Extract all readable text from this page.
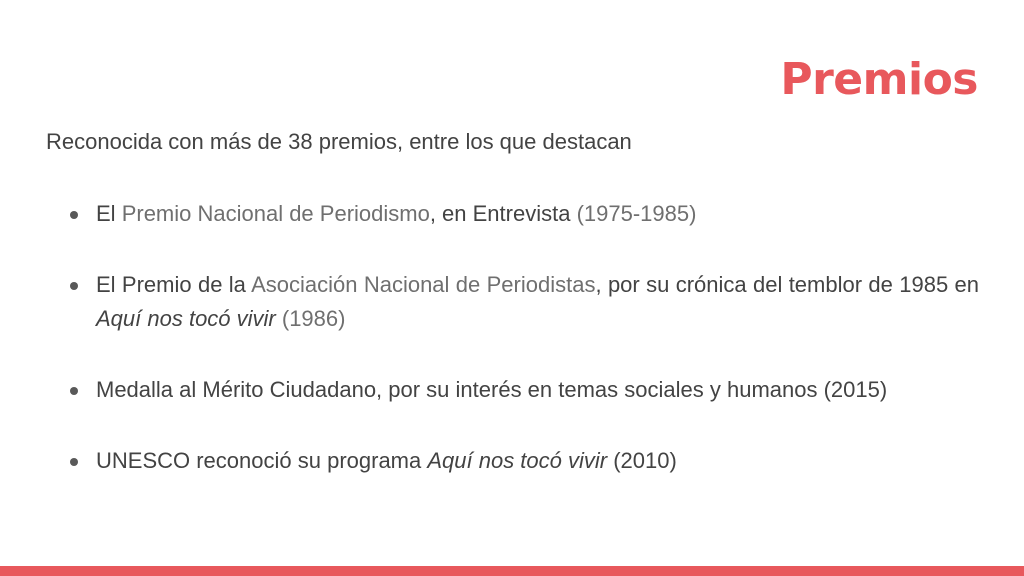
Premios

Reconocida con más de 38 premios, entre los que destacan

El Premio Nacional de Periodismo, en Entrevista (1975-1985)
El Premio de la Asociación Nacional de Periodistas, por su crónica del temblor de 1985 en Aquí nos tocó vivir (1986)
Medalla al Mérito Ciudadano, por su interés en temas sociales y humanos (2015)
UNESCO reconoció su programa Aquí nos tocó vivir (2010)
